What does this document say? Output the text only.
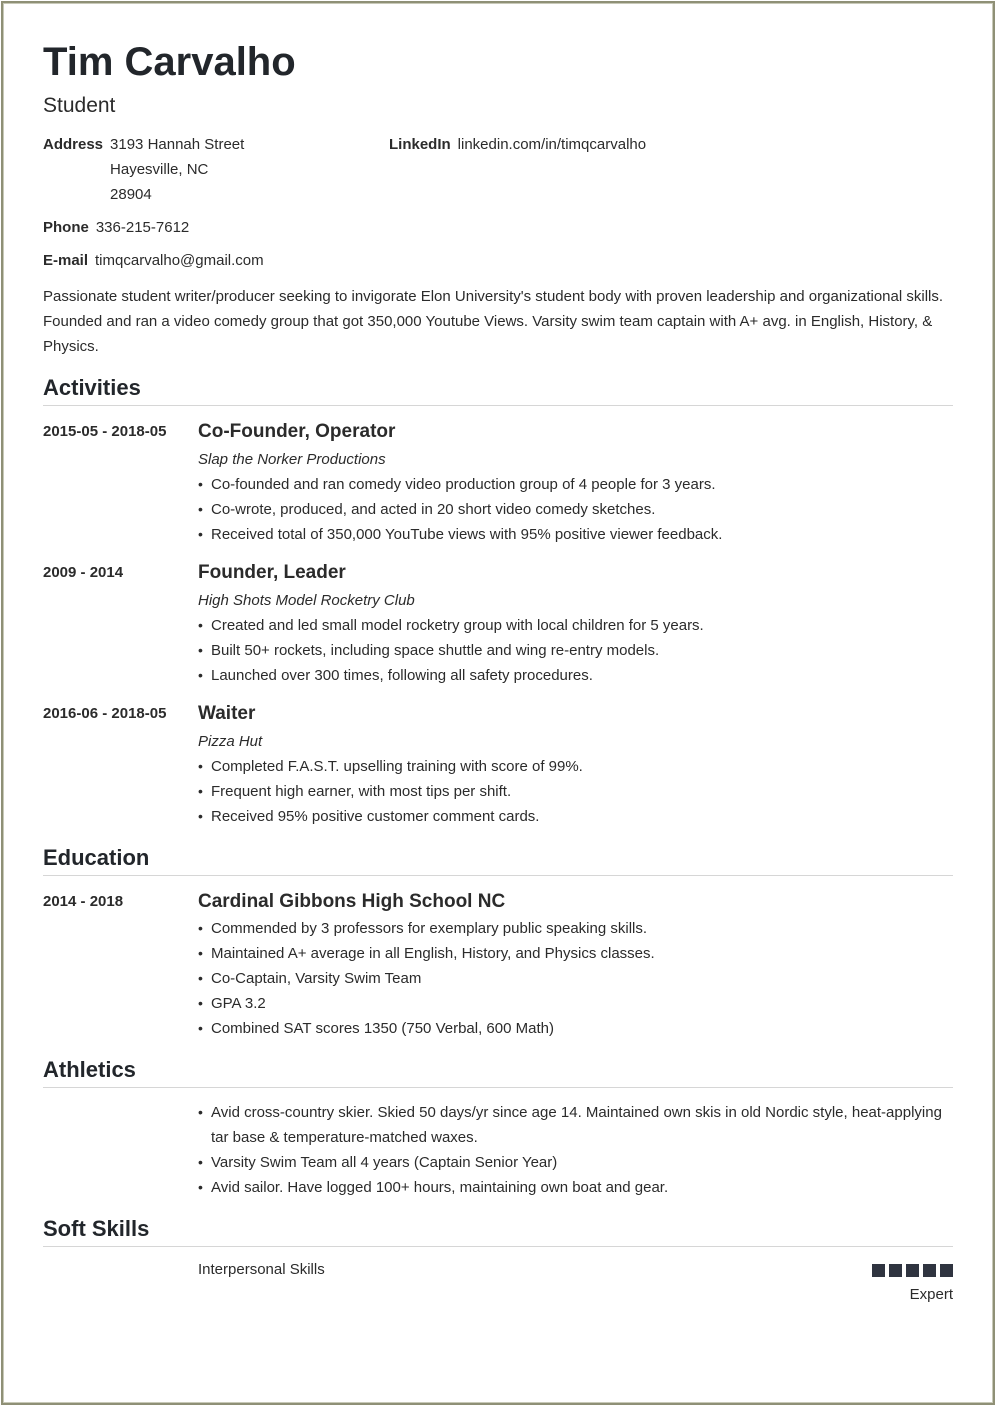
Tim Carvalho
Student
Address 3193 Hannah Street
Hayesville, NC
28904
LinkedIn linkedin.com/in/timqcarvalho
Phone 336-215-7612
E-mail timqcarvalho@gmail.com

Passionate student writer/producer seeking to invigorate Elon University's student body with proven leadership and organizational skills. Founded and ran a video comedy group that got 350,000 Youtube Views. Varsity swim team captain with A+ avg. in English, History, & Physics.

Activities
2015-05 - 2018-05 Co-Founder, Operator
Slap the Norker Productions
• Co-founded and ran comedy video production group of 4 people for 3 years.
• Co-wrote, produced, and acted in 20 short video comedy sketches.
• Received total of 350,000 YouTube views with 95% positive viewer feedback.
2009 - 2014	Founder, Leader
High Shots Model Rocketry Club
• Created and led small model rocketry group with local children for 5 years.
• Built 50+ rockets, including space shuttle and wing re-entry models.
• Launched over 300 times, following all safety procedures.
2016-06 - 2018-05 Waiter
Pizza Hut
• Completed F.A.S.T. upselling training with score of 99%.
• Frequent high earner, with most tips per shift.
• Received 95% positive customer comment cards.
Education
2014 - 2018	Cardinal Gibbons High School NC
• Commended by 3 professors for exemplary public speaking skills.
• Maintained A+ average in all English, History, and Physics classes.
• Co-Captain, Varsity Swim Team
• GPA 3.2
• Combined SAT scores 1350 (750 Verbal, 600 Math)
Athletics
• Avid cross-country skier. Skied 50 days/yr since age 14. Maintained own skis in old Nordic style, heat-applying tar base & temperature-matched waxes.
• Varsity Swim Team all 4 years (Captain Senior Year)
• Avid sailor. Have logged 100+ hours, maintaining own boat and gear.
Soft Skills
Interpersonal Skills
Expert
